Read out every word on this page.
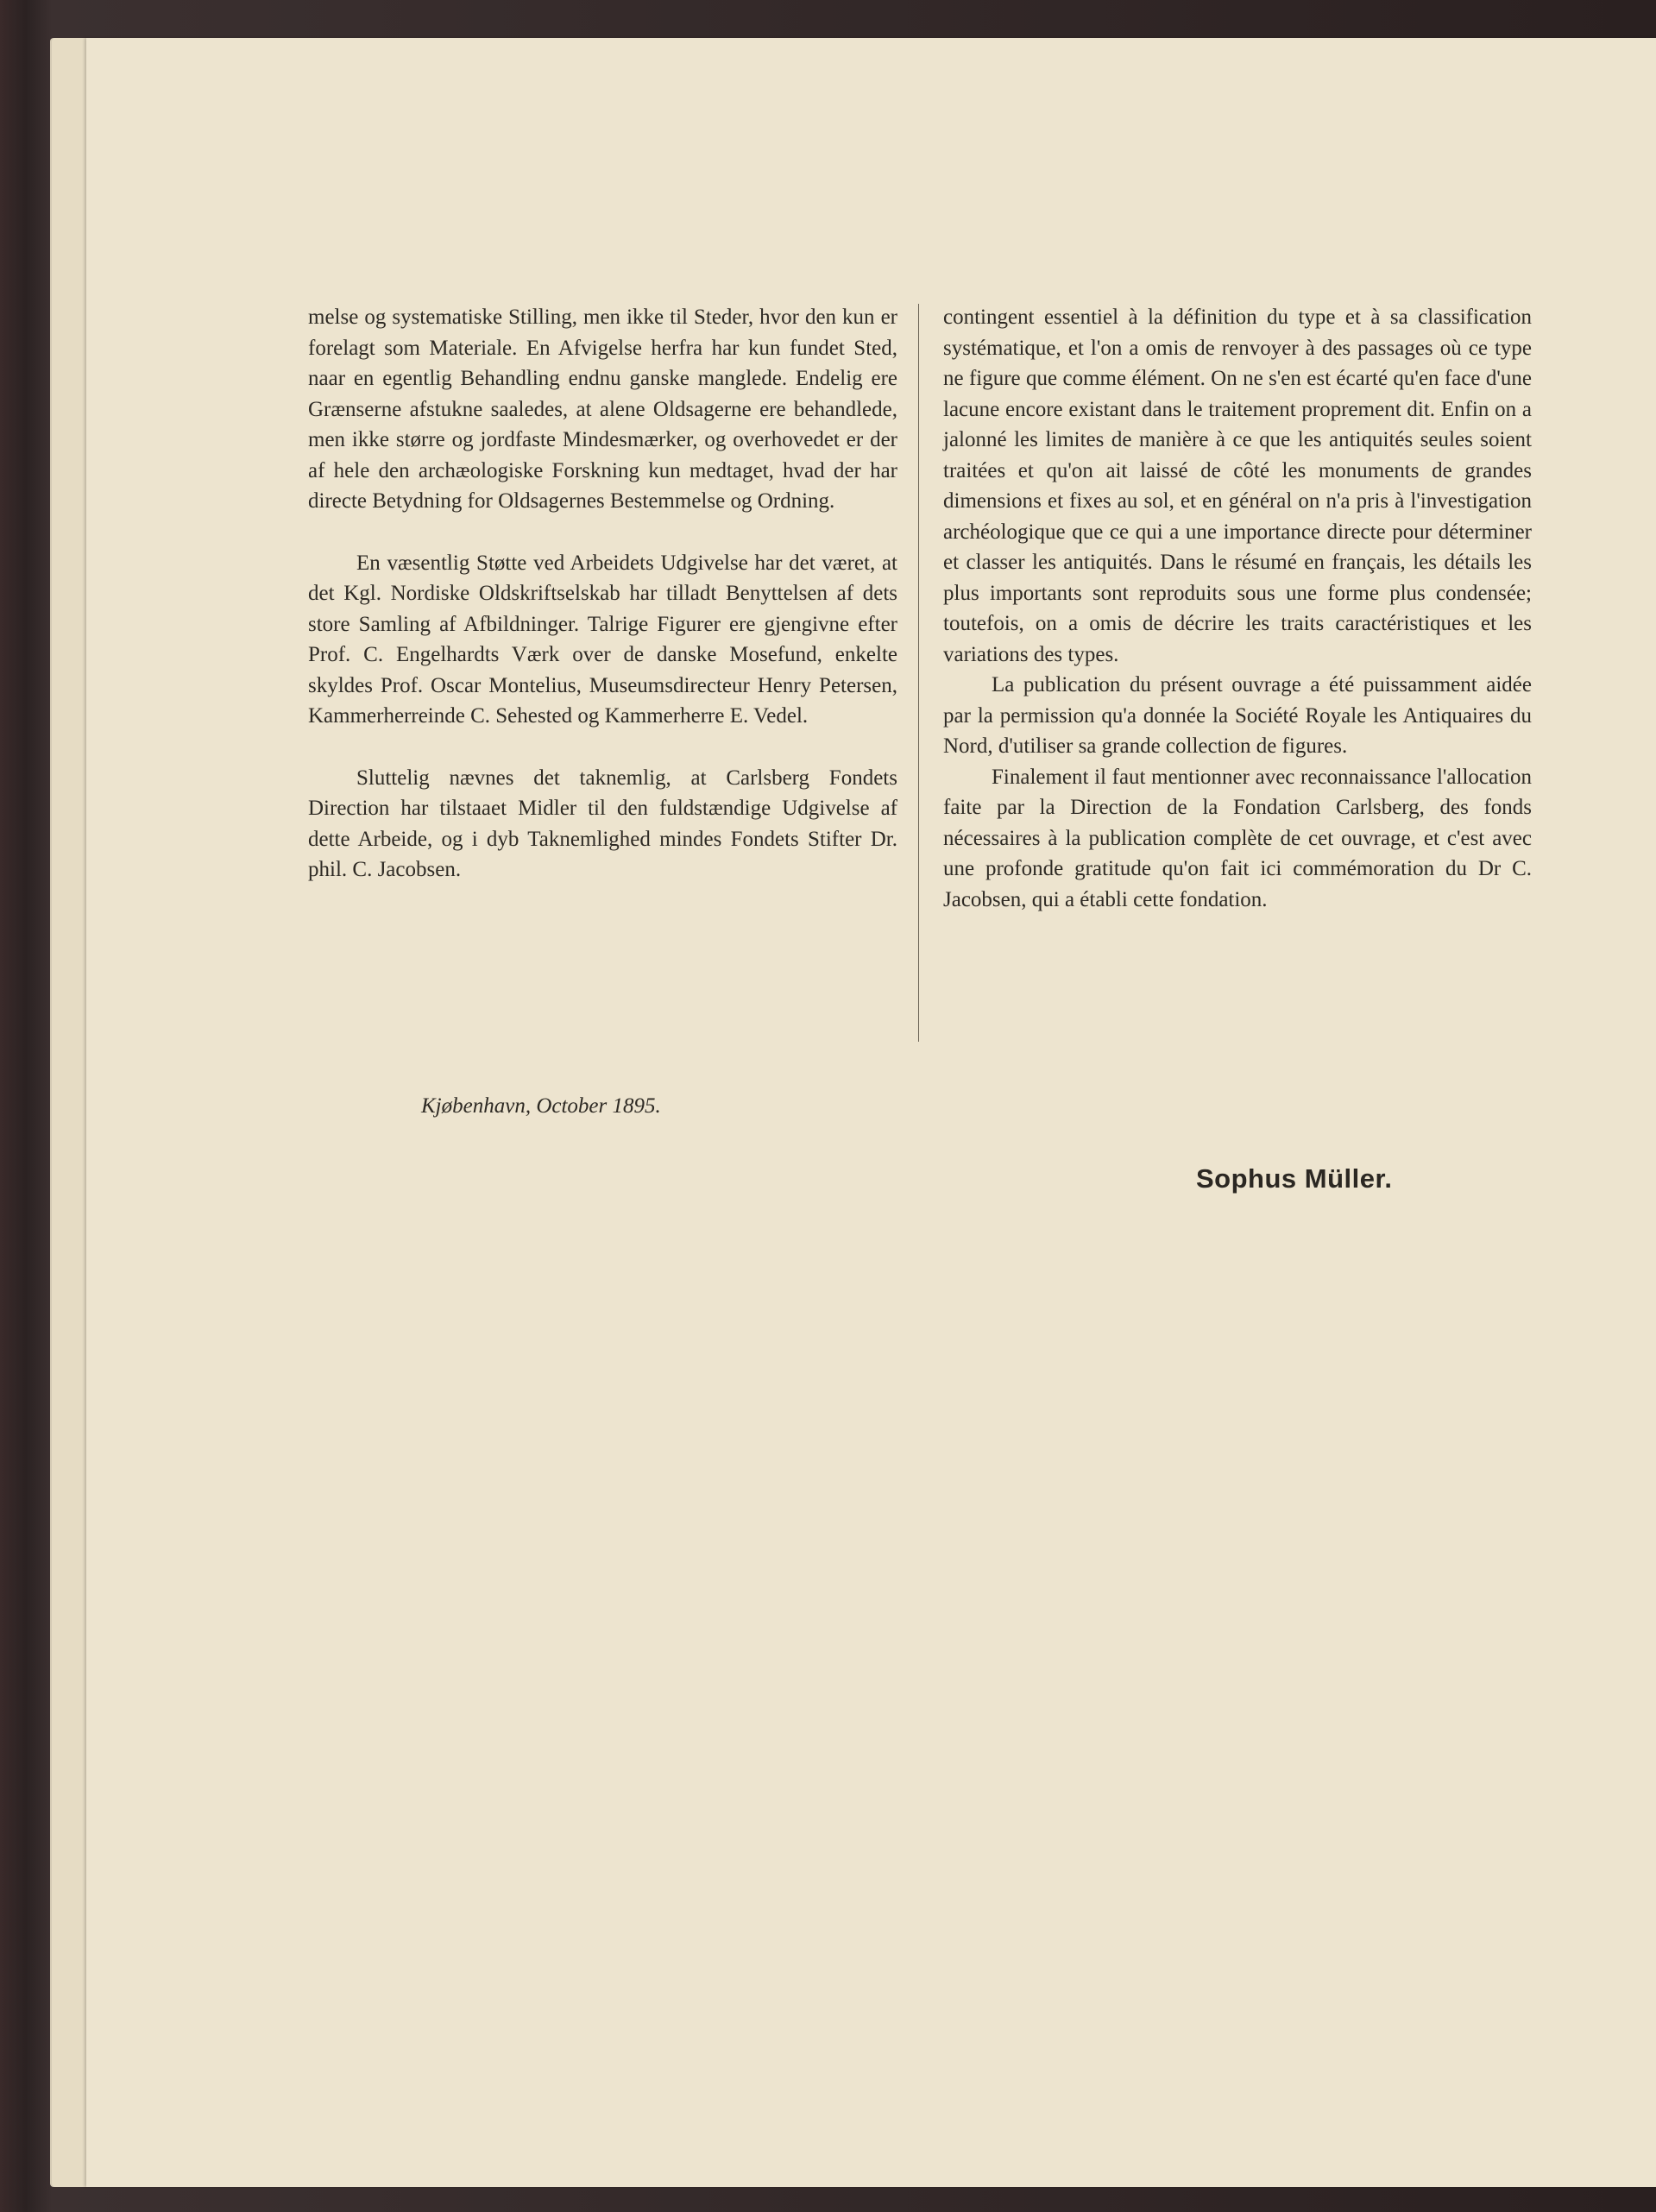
melse og systematiske Stilling, men ikke til Steder, hvor den kun er forelagt som Materiale. En Afvigelse herfra har kun fundet Sted, naar en egentlig Behandling endnu ganske manglede. Endelig ere Grænserne afstukne saaledes, at alene Oldsagerne ere behandlede, men ikke større og jordfaste Mindesmærker, og overhovedet er der af hele den archæologiske Forskning kun medtaget, hvad der har directe Betydning for Oldsagernes Bestemmelse og Ordning.

En væsentlig Støtte ved Arbeidets Udgivelse har det været, at det Kgl. Nordiske Oldskriftselskab har tilladt Benyttelsen af dets store Samling af Afbildninger. Talrige Figurer ere gjengivne efter Prof. C. Engelhardts Værk over de danske Mosefund, enkelte skyldes Prof. Oscar Montelius, Museumsdirecteur Henry Petersen, Kammerherreinde C. Sehested og Kammerherre E. Vedel.

Sluttelig nævnes det taknemlig, at Carlsberg Fondets Direction har tilstaaet Midler til den fuldstændige Udgivelse af dette Arbeide, og i dyb Taknemlighed mindes Fondets Stifter Dr. phil. C. Jacobsen.

contingent essentiel à la définition du type et à sa classification systématique, et l'on a omis de renvoyer à des passages où ce type ne figure que comme élément. On ne s'en est écarté qu'en face d'une lacune encore existant dans le traitement proprement dit. Enfin on a jalonné les limites de manière à ce que les antiquités seules soient traitées et qu'on ait laissé de côté les monuments de grandes dimensions et fixes au sol, et en général on n'a pris à l'investigation archéologique que ce qui a une importance directe pour déterminer et classer les antiquités. Dans le résumé en français, les détails les plus importants sont reproduits sous une forme plus condensée; toutefois, on a omis de décrire les traits caractéristiques et les variations des types.

La publication du présent ouvrage a été puissamment aidée par la permission qu'a donnée la Société Royale les Antiquaires du Nord, d'utiliser sa grande collection de figures.

Finalement il faut mentionner avec reconnaissance l'allocation faite par la Direction de la Fondation Carlsberg, des fonds nécessaires à la publication complète de cet ouvrage, et c'est avec une profonde gratitude qu'on fait ici commémoration du Dr C. Jacobsen, qui a établi cette fondation.

Kjøbenhavn, October 1895.
Sophus Müller.
